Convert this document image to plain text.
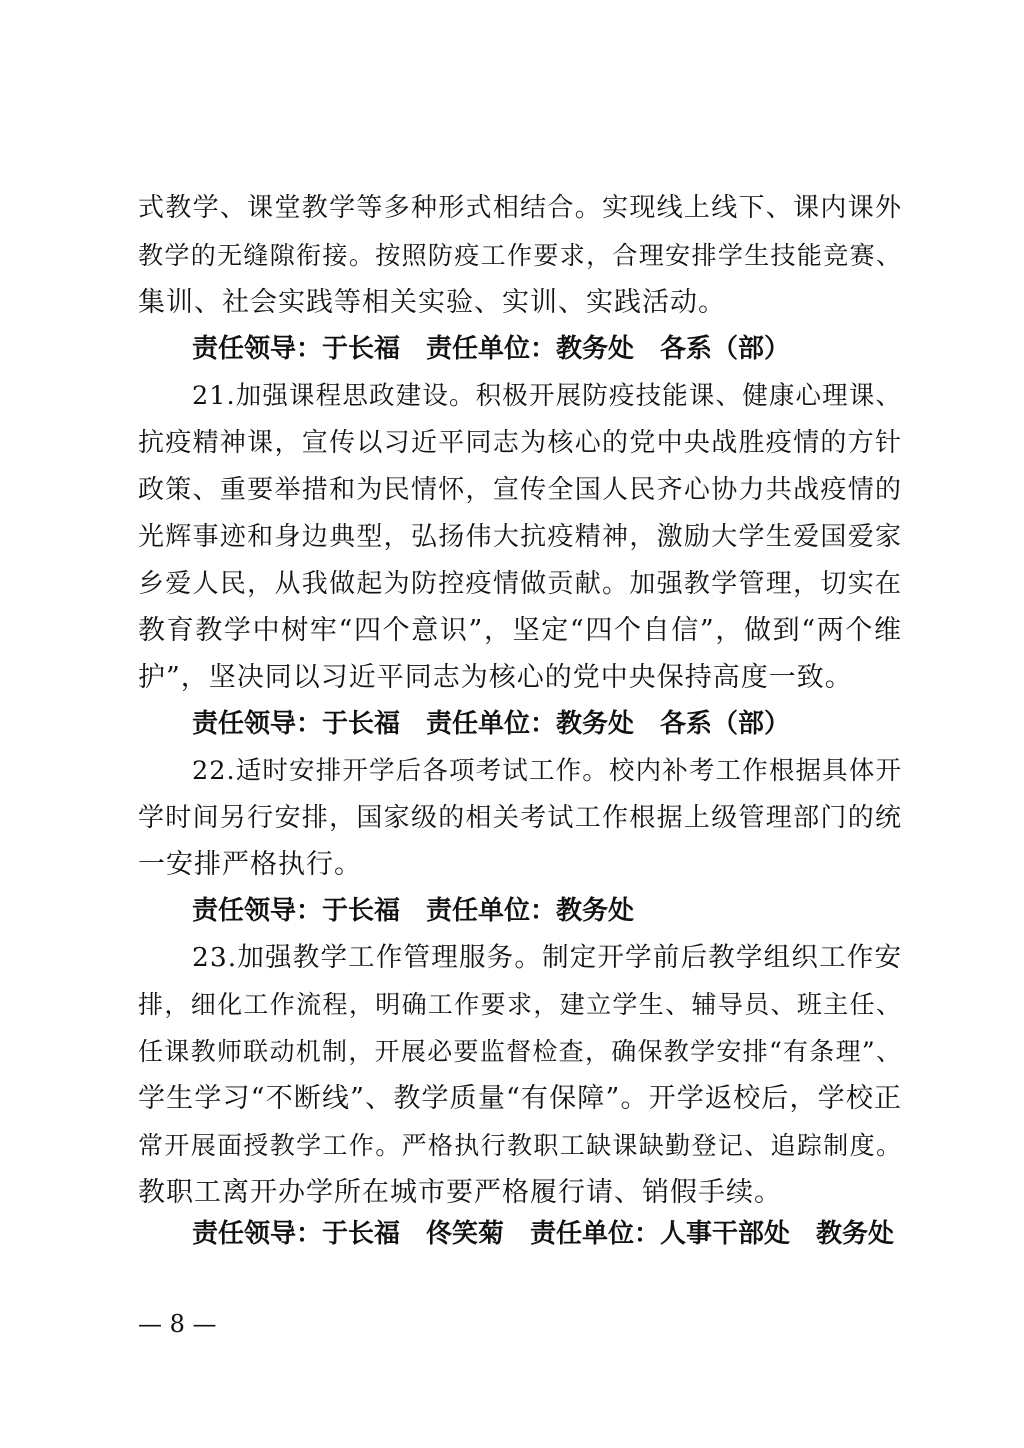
式教学、课堂教学等多种形式相结合。实现线上线下、课内课外
教学的无缝隙衔接。按照防疫工作要求，合理安排学生技能竞赛、
集训、社会实践等相关实验、实训、实践活动。
责任领导：于长福　责任单位：教务处　各系（部）
21.加强课程思政建设。积极开展防疫技能课、健康心理课、
抗疫精神课，宣传以习近平同志为核心的党中央战胜疫情的方针
政策、重要举措和为民情怀，宣传全国人民齐心协力共战疫情的
光辉事迹和身边典型，弘扬伟大抗疫精神，激励大学生爱国爱家
乡爱人民，从我做起为防控疫情做贡献。加强教学管理，切实在
教育教学中树牢“四个意识”，坚定“四个自信”，做到“两个维
护”，坚决同以习近平同志为核心的党中央保持高度一致。
责任领导：于长福　责任单位：教务处　各系（部）
22.适时安排开学后各项考试工作。校内补考工作根据具体开
学时间另行安排，国家级的相关考试工作根据上级管理部门的统
一安排严格执行。
责任领导：于长福　责任单位：教务处
23.加强教学工作管理服务。制定开学前后教学组织工作安
排，细化工作流程，明确工作要求，建立学生、辅导员、班主任、
任课教师联动机制，开展必要监督检查，确保教学安排“有条理”、
学生学习“不断线”、教学质量“有保障”。开学返校后，学校正
常开展面授教学工作。严格执行教职工缺课缺勤登记、追踪制度。
教职工离开办学所在城市要严格履行请、销假手续。
责任领导：于长福　佟笑菊　责任单位：人事干部处　教务处
— 8 —
